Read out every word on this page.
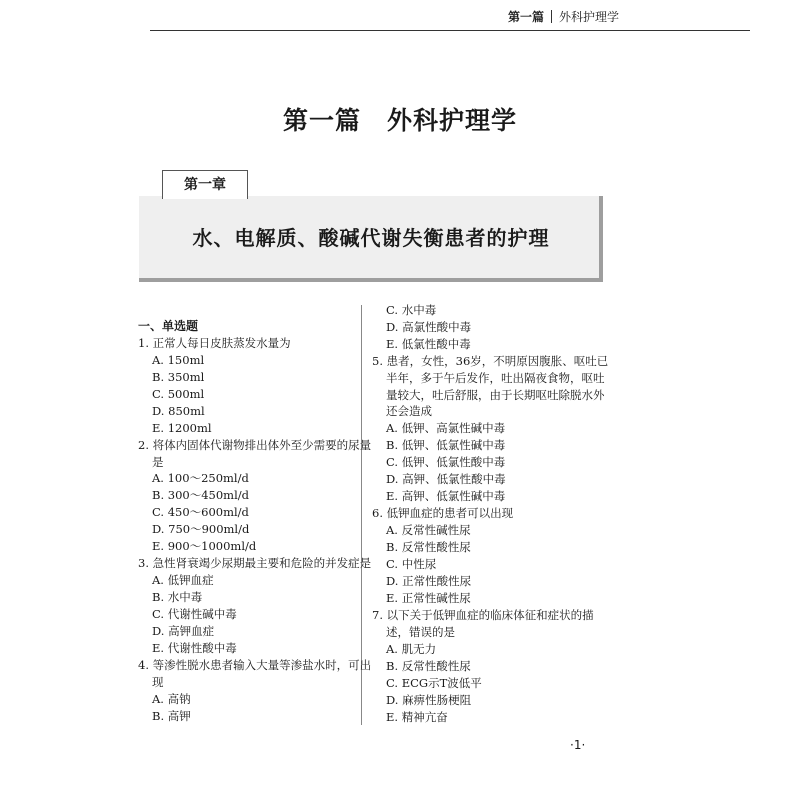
第一篇 外科护理学
第一篇　外科护理学
第一章
水、电解质、酸碱代谢失衡患者的护理
一、单选题
1. 正常人每日皮肤蒸发水量为
A. 150ml
B. 350ml
C. 500ml
D. 850ml
E. 1200ml
2. 将体内固体代谢物排出体外至少需要的尿量是
A. 100～250ml/d
B. 300～450ml/d
C. 450～600ml/d
D. 750～900ml/d
E. 900～1000ml/d
3. 急性肾衰竭少尿期最主要和危险的并发症是
A. 低钾血症
B. 水中毒
C. 代谢性碱中毒
D. 高钾血症
E. 代谢性酸中毒
4. 等渗性脱水患者输入大量等渗盐水时，可出现
A. 高钠
B. 高钾
C. 水中毒
D. 高氯性酸中毒
E. 低氯性酸中毒
5. 患者，女性，36岁，不明原因腹胀、呕吐已半年，多于午后发作，吐出隔夜食物，呕吐量较大，吐后舒服，由于长期呕吐除脱水外还会造成
A. 低钾、高氯性碱中毒
B. 低钾、低氯性碱中毒
C. 低钾、低氯性酸中毒
D. 高钾、低氯性酸中毒
E. 高钾、低氯性碱中毒
6. 低钾血症的患者可以出现
A. 反常性碱性尿
B. 反常性酸性尿
C. 中性尿
D. 正常性酸性尿
E. 正常性碱性尿
7. 以下关于低钾血症的临床体征和症状的描述，错误的是
A. 肌无力
B. 反常性酸性尿
C. ECG示T波低平
D. 麻痹性肠梗阻
E. 精神亢奋
·1·
